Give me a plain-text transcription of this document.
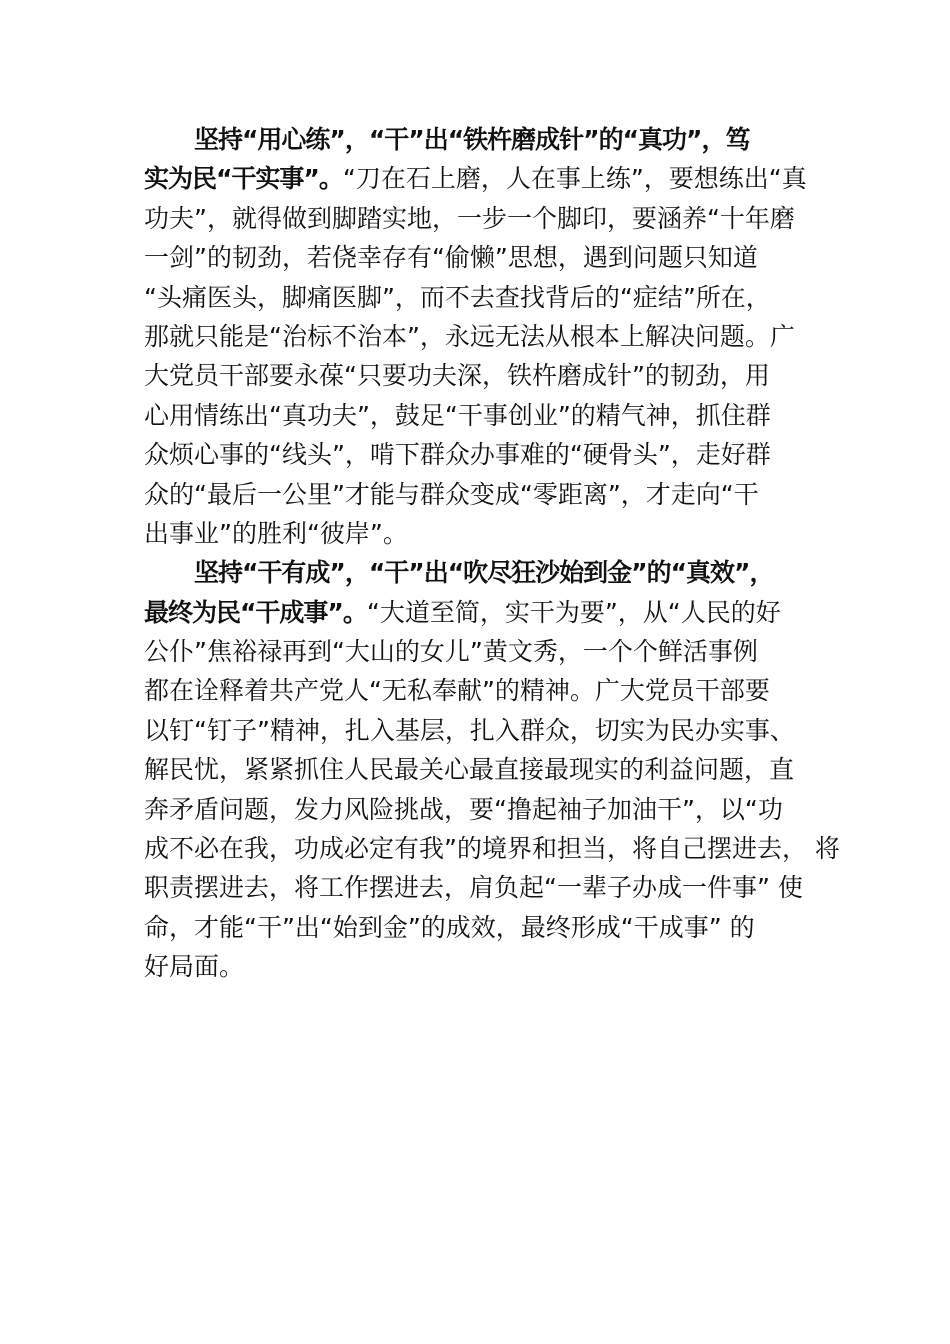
坚持“用心练”，“干”出“铁杵磨成针”的“真功”，笃
实为民“干实事”。“刀在石上磨，人在事上练”，要想练出“真
功夫”，就得做到脚踏实地，一步一个脚印，要涵养“十年磨
一剑”的韧劲，若侥幸存有“偷懒”思想，遇到问题只知道
“头痛医头，脚痛医脚”，而不去查找背后的“症结”所在，
那就只能是“治标不治本”，永远无法从根本上解决问题。广
大党员干部要永葆“只要功夫深，铁杵磨成针”的韧劲，用
心用情练出“真功夫”，鼓足“干事创业”的精气神，抓住群
众烦心事的“线头”，啃下群众办事难的“硬骨头”，走好群
众的“最后一公里”才能与群众变成“零距离”，才走向“干
出事业”的胜利“彼岸”。
坚持“干有成”，“干”出“吹尽狂沙始到金”的“真效”，
最终为民“干成事”。“大道至简，实干为要”，从“人民的好
公仆”焦裕禄再到“大山的女儿”黄文秀，一个个鲜活事例
都在诠释着共产党人“无私奉献”的精神。广大党员干部要
以钉“钉子”精神，扎入基层，扎入群众，切实为民办实事、
解民忧，紧紧抓住人民最关心最直接最现实的利益问题，直
奔矛盾问题，发力风险挑战，要“撸起袖子加油干”，以“功
成不必在我，功成必定有我”的境界和担当，将自己摆进去， 将
职责摆进去，将工作摆进去，肩负起“一辈子办成一件事” 使
命，才能“干”出“始到金”的成效，最终形成“干成事” 的
好局面。
